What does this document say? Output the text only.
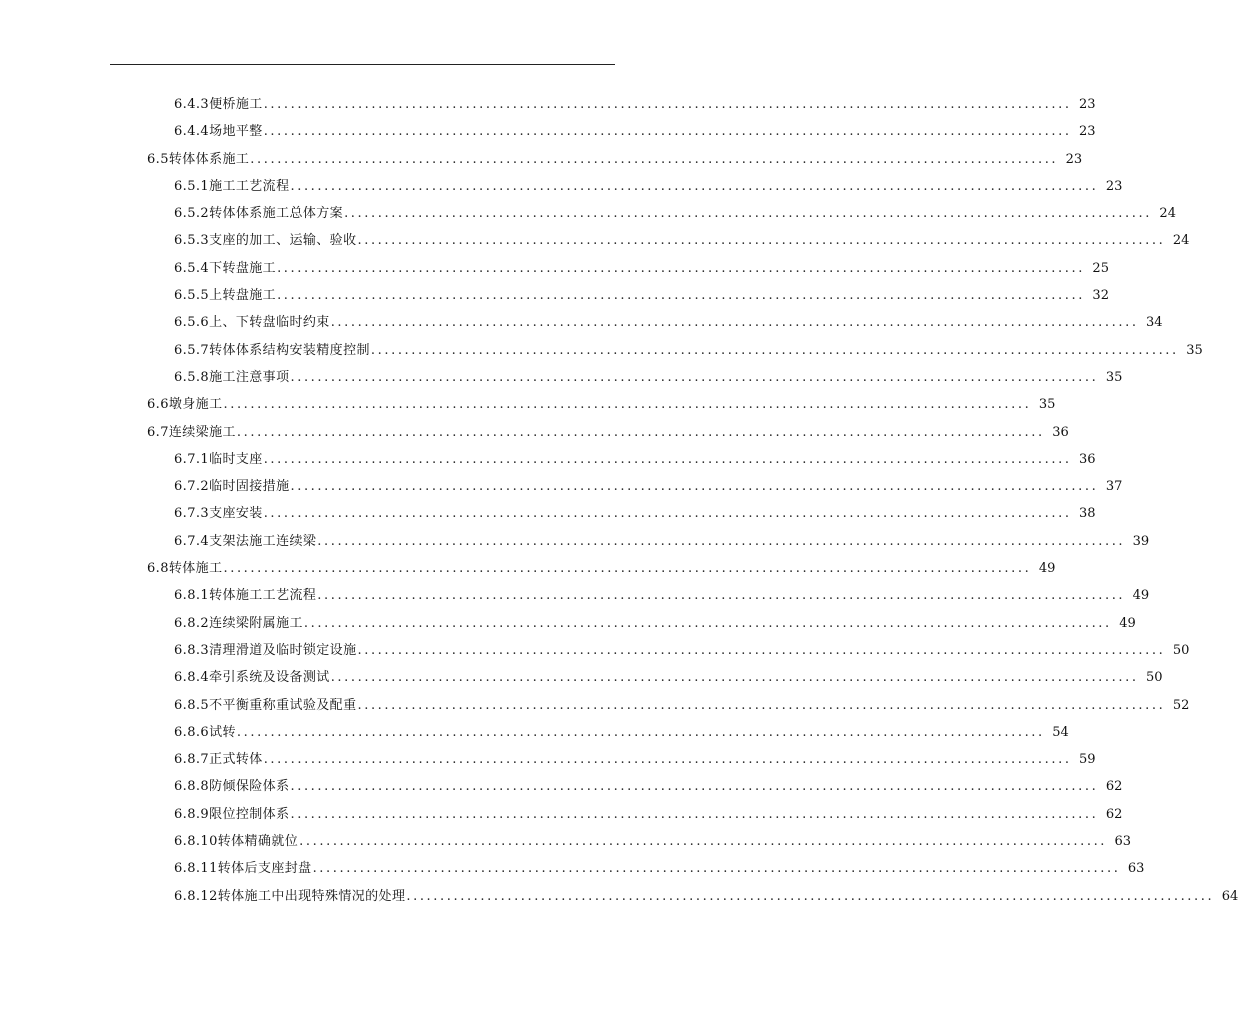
6.4.3便桥施工 ........................................................................................................................ 23
6.4.4场地平整 ........................................................................................................................ 23
6.5转体体系施工 ........................................................................................................................ 23
6.5.1施工工艺流程 ........................................................................................................................ 23
6.5.2转体体系施工总体方案 ........................................................................................................................ 24
6.5.3支座的加工、运输、验收 ........................................................................................................................ 24
6.5.4下转盘施工 ........................................................................................................................ 25
6.5.5上转盘施工 ........................................................................................................................ 32
6.5.6上、下转盘临时约束 ........................................................................................................................ 34
6.5.7转体体系结构安装精度控制 ........................................................................................................................ 35
6.5.8施工注意事项 ........................................................................................................................ 35
6.6墩身施工 ........................................................................................................................ 35
6.7连续梁施工 ........................................................................................................................ 36
6.7.1临时支座 ........................................................................................................................ 36
6.7.2临时固接措施 ........................................................................................................................ 37
6.7.3支座安装 ........................................................................................................................ 38
6.7.4支架法施工连续梁 ........................................................................................................................ 39
6.8转体施工 ........................................................................................................................ 49
6.8.1转体施工工艺流程 ........................................................................................................................ 49
6.8.2连续梁附属施工 ........................................................................................................................ 49
6.8.3清理滑道及临时锁定设施 ........................................................................................................................ 50
6.8.4牵引系统及设备测试 ........................................................................................................................ 50
6.8.5不平衡重称重试验及配重 ........................................................................................................................ 52
6.8.6试转 ........................................................................................................................ 54
6.8.7正式转体 ........................................................................................................................ 59
6.8.8防倾保险体系 ........................................................................................................................ 62
6.8.9限位控制体系 ........................................................................................................................ 62
6.8.10转体精确就位 ........................................................................................................................ 63
6.8.11转体后支座封盘 ........................................................................................................................ 63
6.8.12转体施工中出现特殊情况的处理 ........................................................................................................................ 64
